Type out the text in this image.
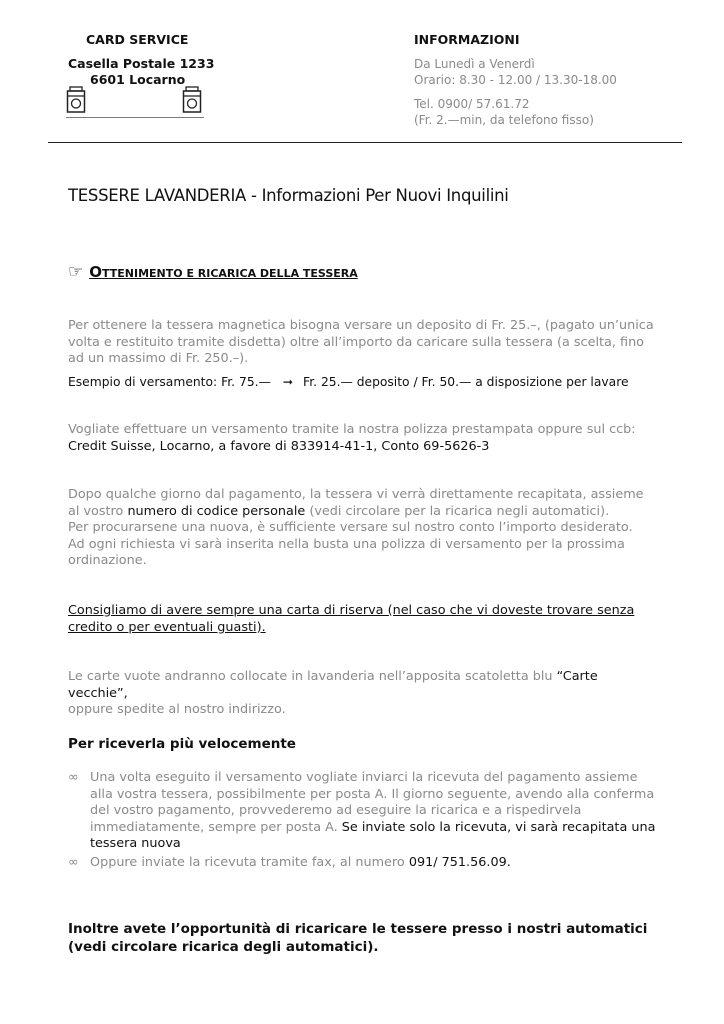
CARD SERVICE
Casella Postale 1233
6601 Locarno
INFORMAZIONI
Da Lunedì a Venerdì
Orario: 8.30 - 12.00 / 13.30-18.00
Tel. 0900/ 57.61.72
(Fr. 2.—min, da telefono fisso)
TESSERE LAVANDERIA - Informazioni Per Nuovi Inquilini
☞ OTTENIMENTO E RICARICA DELLA TESSERA
Per ottenere la tessera magnetica bisogna versare un deposito di Fr. 25.–, (pagato un’unica volta e restituito tramite disdetta) oltre all’importo da caricare sulla tessera (a scelta, fino ad un massimo di Fr. 250.–).
Esempio di versamento: Fr. 75.— ➞ Fr. 25.— deposito / Fr. 50.— a disposizione per lavare
Vogliate effettuare un versamento tramite la nostra polizza prestampata oppure sul ccb:
Credit Suisse, Locarno, a favore di 833914-41-1, Conto 69-5626-3
Dopo qualche giorno dal pagamento, la tessera vi verrà direttamente recapitata, assieme al vostro numero di codice personale (vedi circolare per la ricarica negli automatici).
Per procurarsene una nuova, è sufficiente versare sul nostro conto l’importo desiderato.
Ad ogni richiesta vi sarà inserita nella busta una polizza di versamento per la prossima ordinazione.
Consigliamo di avere sempre una carta di riserva (nel caso che vi doveste trovare senza credito o per eventuali guasti).
Le carte vuote andranno collocate in lavanderia nell’apposita scatoletta blu “Carte vecchie”,
oppure spedite al nostro indirizzo.
Per riceverla più velocemente
∞ Una volta eseguito il versamento vogliate inviarci la ricevuta del pagamento assieme alla vostra tessera, possibilmente per posta A. Il giorno seguente, avendo alla conferma del vostro pagamento, provvederemo ad eseguire la ricarica e a rispedirvela immediatamente, sempre per posta A. Se inviate solo la ricevuta, vi sarà recapitata una tessera nuova
∞ Oppure inviate la ricevuta tramite fax, al numero 091/ 751.56.09.
Inoltre avete l’opportunità di ricaricare le tessere presso i nostri automatici (vedi circolare ricarica degli automatici).
